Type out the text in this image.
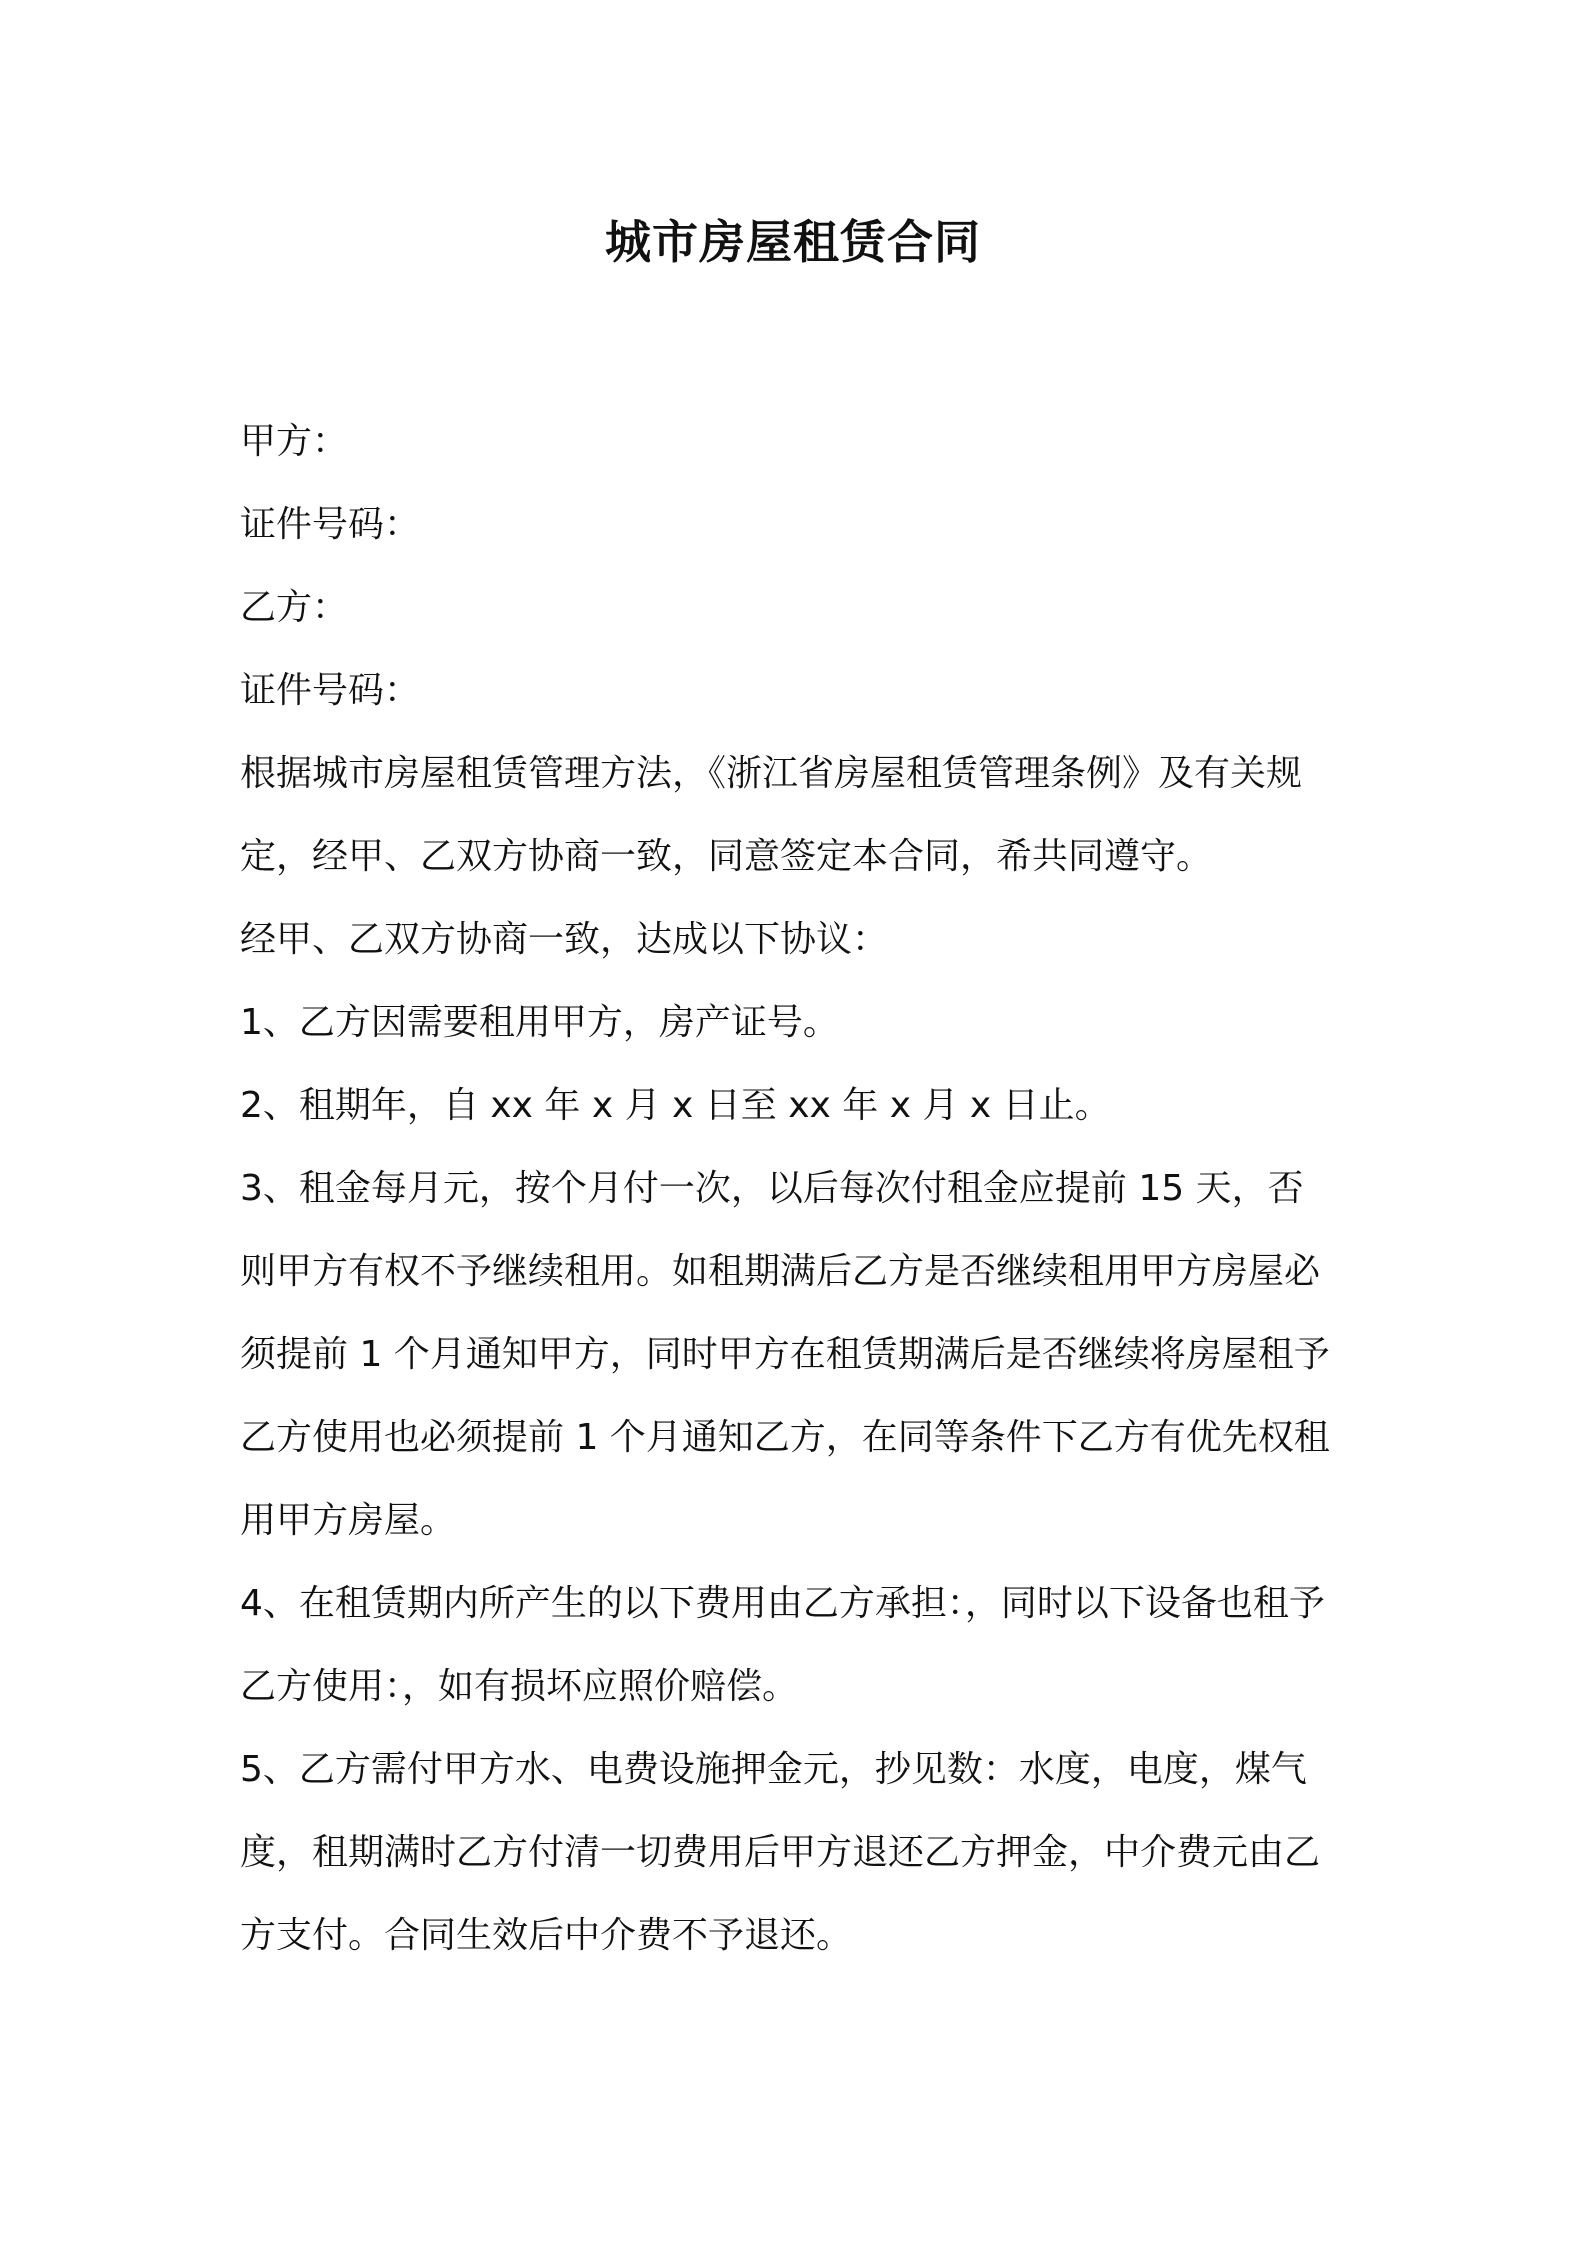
城市房屋租赁合同
甲方：
证件号码：
乙方：
证件号码：
根据城市房屋租赁管理方法，《浙江省房屋租赁管理条例》及有关规
定，经甲、乙双方协商一致，同意签定本合同，希共同遵守。
经甲、乙双方协商一致，达成以下协议：
1、乙方因需要租用甲方，房产证号。
2、租期年，自 xx 年 x 月 x 日至 xx 年 x 月 x 日止。
3、租金每月元，按个月付一次，以后每次付租金应提前 15 天，否
则甲方有权不予继续租用。如租期满后乙方是否继续租用甲方房屋必
须提前 1 个月通知甲方，同时甲方在租赁期满后是否继续将房屋租予
乙方使用也必须提前 1 个月通知乙方，在同等条件下乙方有优先权租
用甲方房屋。
4、在租赁期内所产生的以下费用由乙方承担：，同时以下设备也租予
乙方使用：，如有损坏应照价赔偿。
5、乙方需付甲方水、电费设施押金元，抄见数：水度，电度，煤气
度，租期满时乙方付清一切费用后甲方退还乙方押金，中介费元由乙
方支付。合同生效后中介费不予退还。
